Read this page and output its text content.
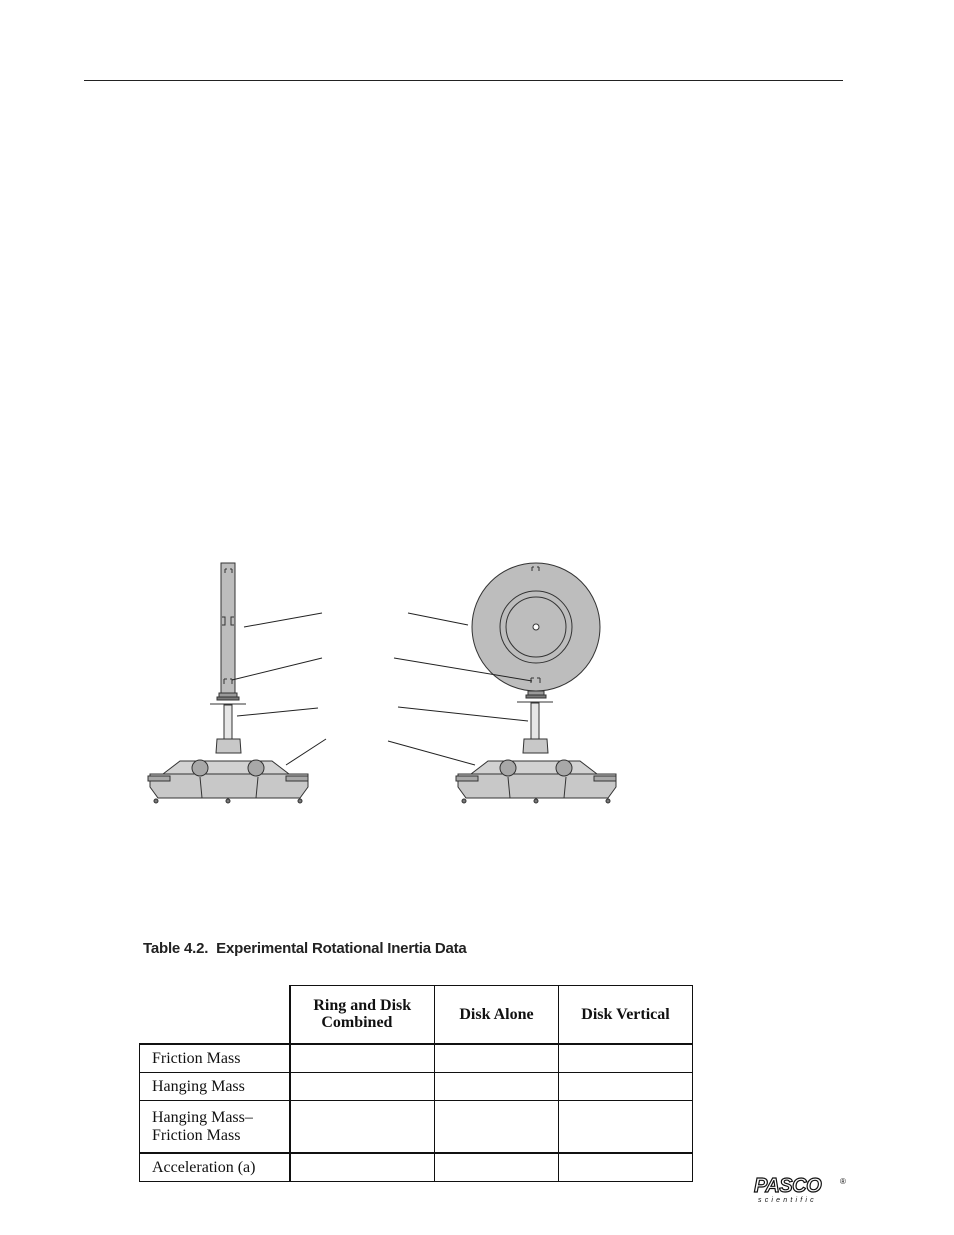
Table 4.2.  Experimental Rotational Inertia Data
	Ring and Disk
Combined	Disk Alone	Disk Vertical
Friction Mass			
Hanging Mass			
Hanging Mass–
Friction Mass			
Acceleration (a)			
PASCO
scientific
®
